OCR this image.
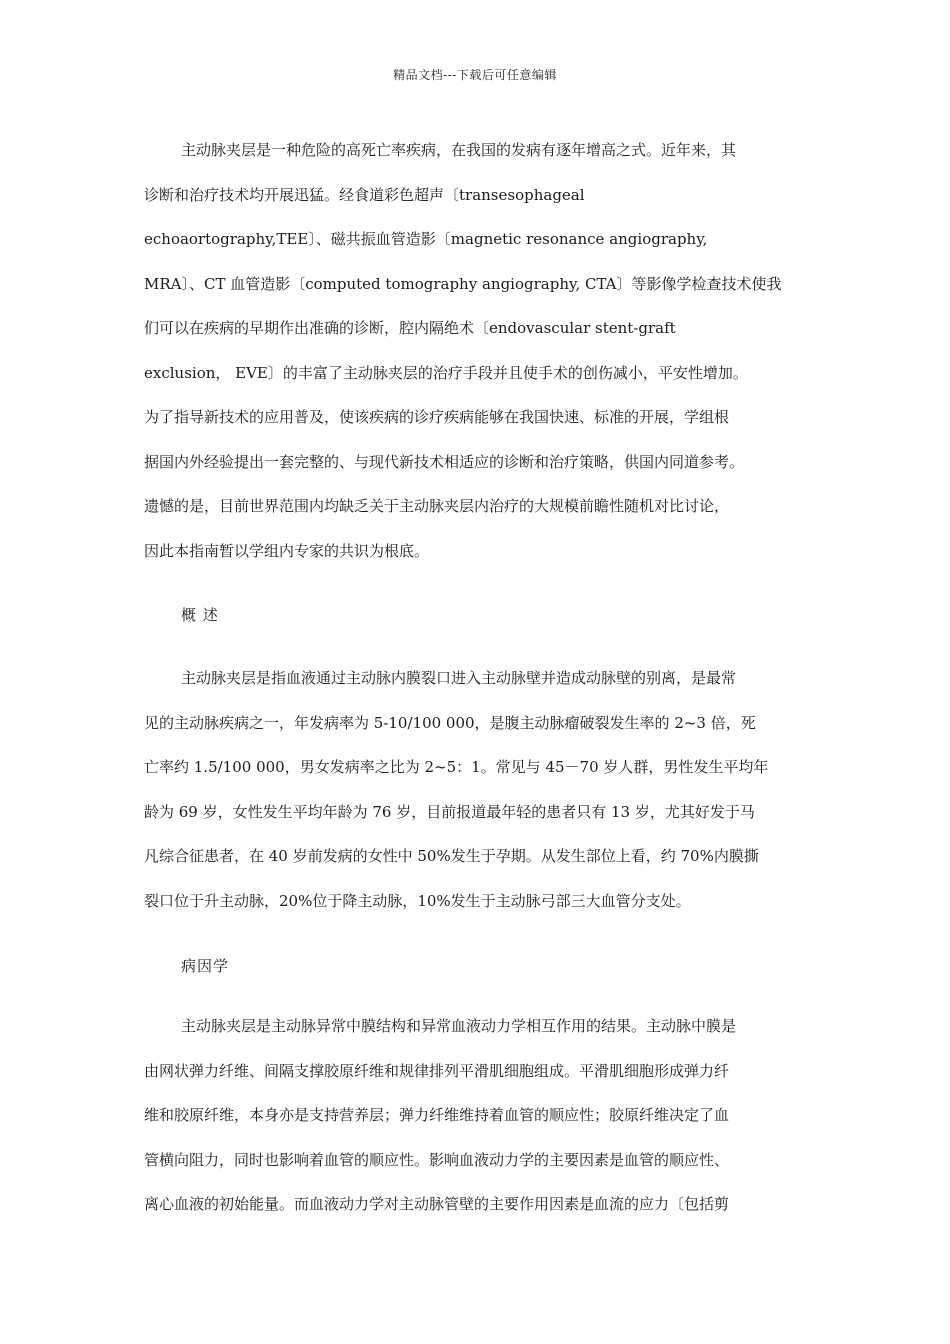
精品文档---下载后可任意编辑
主动脉夹层是一种危险的高死亡率疾病，在我国的发病有逐年增高之式。近年来，其
诊断和治疗技术均开展迅猛。经食道彩色超声〔transesophageal
echoaortography,TEE〕、磁共振血管造影〔magnetic resonance angiography,
MRA〕、CT 血管造影〔computed tomography angiography, CTA〕等影像学检查技术使我
们可以在疾病的早期作出准确的诊断，腔内隔绝术〔endovascular stent-graft
exclusion， EVE〕的丰富了主动脉夹层的治疗手段并且使手术的创伤减小，平安性增加。
为了指导新技术的应用普及，使该疾病的诊疗疾病能够在我国快速、标准的开展，学组根
据国内外经验提出一套完整的、与现代新技术相适应的诊断和治疗策略，供国内同道参考。
遗憾的是，目前世界范围内均缺乏关于主动脉夹层内治疗的大规模前瞻性随机对比讨论，
因此本指南暂以学组内专家的共识为根底。
概 述
主动脉夹层是指血液通过主动脉内膜裂口进入主动脉壁并造成动脉壁的别离，是最常
见的主动脉疾病之一，年发病率为 5-10/100 000，是腹主动脉瘤破裂发生率的 2~3 倍，死
亡率约 1.5/100 000，男女发病率之比为 2~5：1。常见与 45－70 岁人群，男性发生平均年
龄为 69 岁，女性发生平均年龄为 76 岁，目前报道最年轻的患者只有 13 岁，尤其好发于马
凡综合征患者，在 40 岁前发病的女性中 50%发生于孕期。从发生部位上看，约 70%内膜撕
裂口位于升主动脉，20%位于降主动脉，10%发生于主动脉弓部三大血管分支处。
病因学
主动脉夹层是主动脉异常中膜结构和异常血液动力学相互作用的结果。主动脉中膜是
由网状弹力纤维、间隔支撑胶原纤维和规律排列平滑肌细胞组成。平滑肌细胞形成弹力纤
维和胶原纤维，本身亦是支持营养层；弹力纤维维持着血管的顺应性；胶原纤维决定了血
管横向阻力，同时也影响着血管的顺应性。影响血液动力学的主要因素是血管的顺应性、
离心血液的初始能量。而血液动力学对主动脉管壁的主要作用因素是血流的应力〔包括剪
